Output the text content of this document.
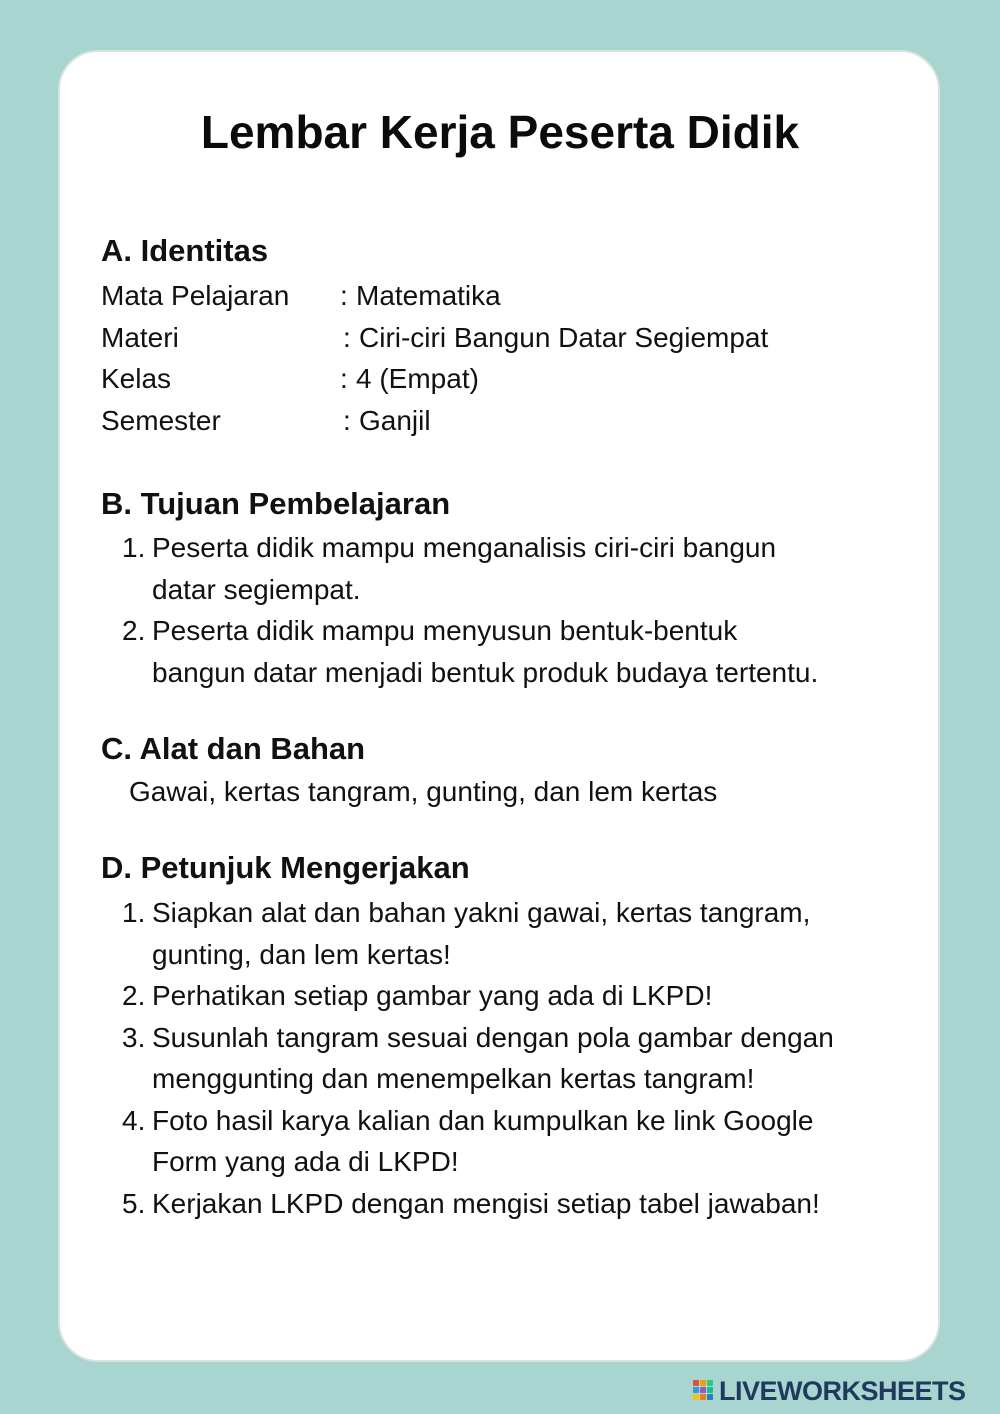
Lembar Kerja Peserta Didik
A. Identitas
Mata Pelajaran : Matematika
Materi	: Ciri-ciri Bangun Datar Segiempat
Kelas	: 4 (Empat)
Semester	: Ganjil
B. Tujuan Pembelajaran
1. Peserta didik mampu menganalisis ciri-ciri bangun
datar segiempat.
2. Peserta didik mampu menyusun bentuk-bentuk
bangun datar menjadi bentuk produk budaya tertentu.
C. Alat dan Bahan
Gawai, kertas tangram, gunting, dan lem kertas
D. Petunjuk Mengerjakan
1. Siapkan alat dan bahan yakni gawai, kertas tangram,
gunting, dan lem kertas!
2. Perhatikan setiap gambar yang ada di LKPD!
3. Susunlah tangram sesuai dengan pola gambar dengan
menggunting dan menempelkan kertas tangram!
4. Foto hasil karya kalian dan kumpulkan ke link Google
Form yang ada di LKPD!
5. Kerjakan LKPD dengan mengisi setiap tabel jawaban!
LIVEWORKSHEETS
